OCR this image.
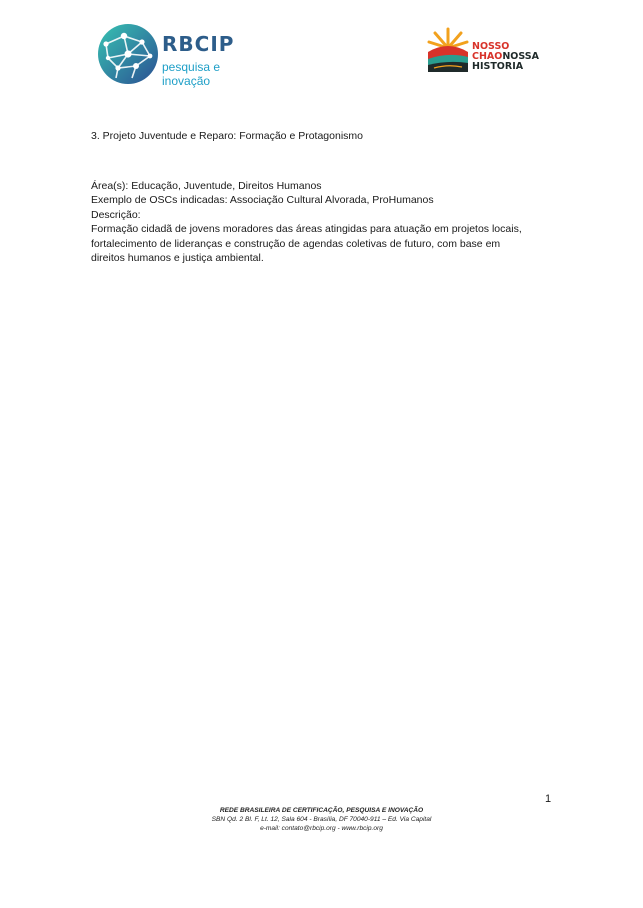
RBCIP
pesquisa e inovação
NOSSO
CHAONOSSA
HISTORIA
3. Projeto Juventude e Reparo: Formação e Protagonismo
Área(s): Educação, Juventude, Direitos Humanos
Exemplo de OSCs indicadas: Associação Cultural Alvorada, ProHumanos
Descrição:
Formação cidadã de jovens moradores das áreas atingidas para atuação em projetos locais,
fortalecimento de lideranças e construção de agendas coletivas de futuro, com base em
direitos humanos e justiça ambiental.
1
REDE BRASILEIRA DE CERTIFICAÇÃO, PESQUISA E INOVAÇÃO
SBN Qd. 2 Bl. F, Lt. 12, Sala 604 - Brasília, DF 70040-911 – Ed. Via Capital
e-mail: contato@rbcip.org - www.rbcip.org
